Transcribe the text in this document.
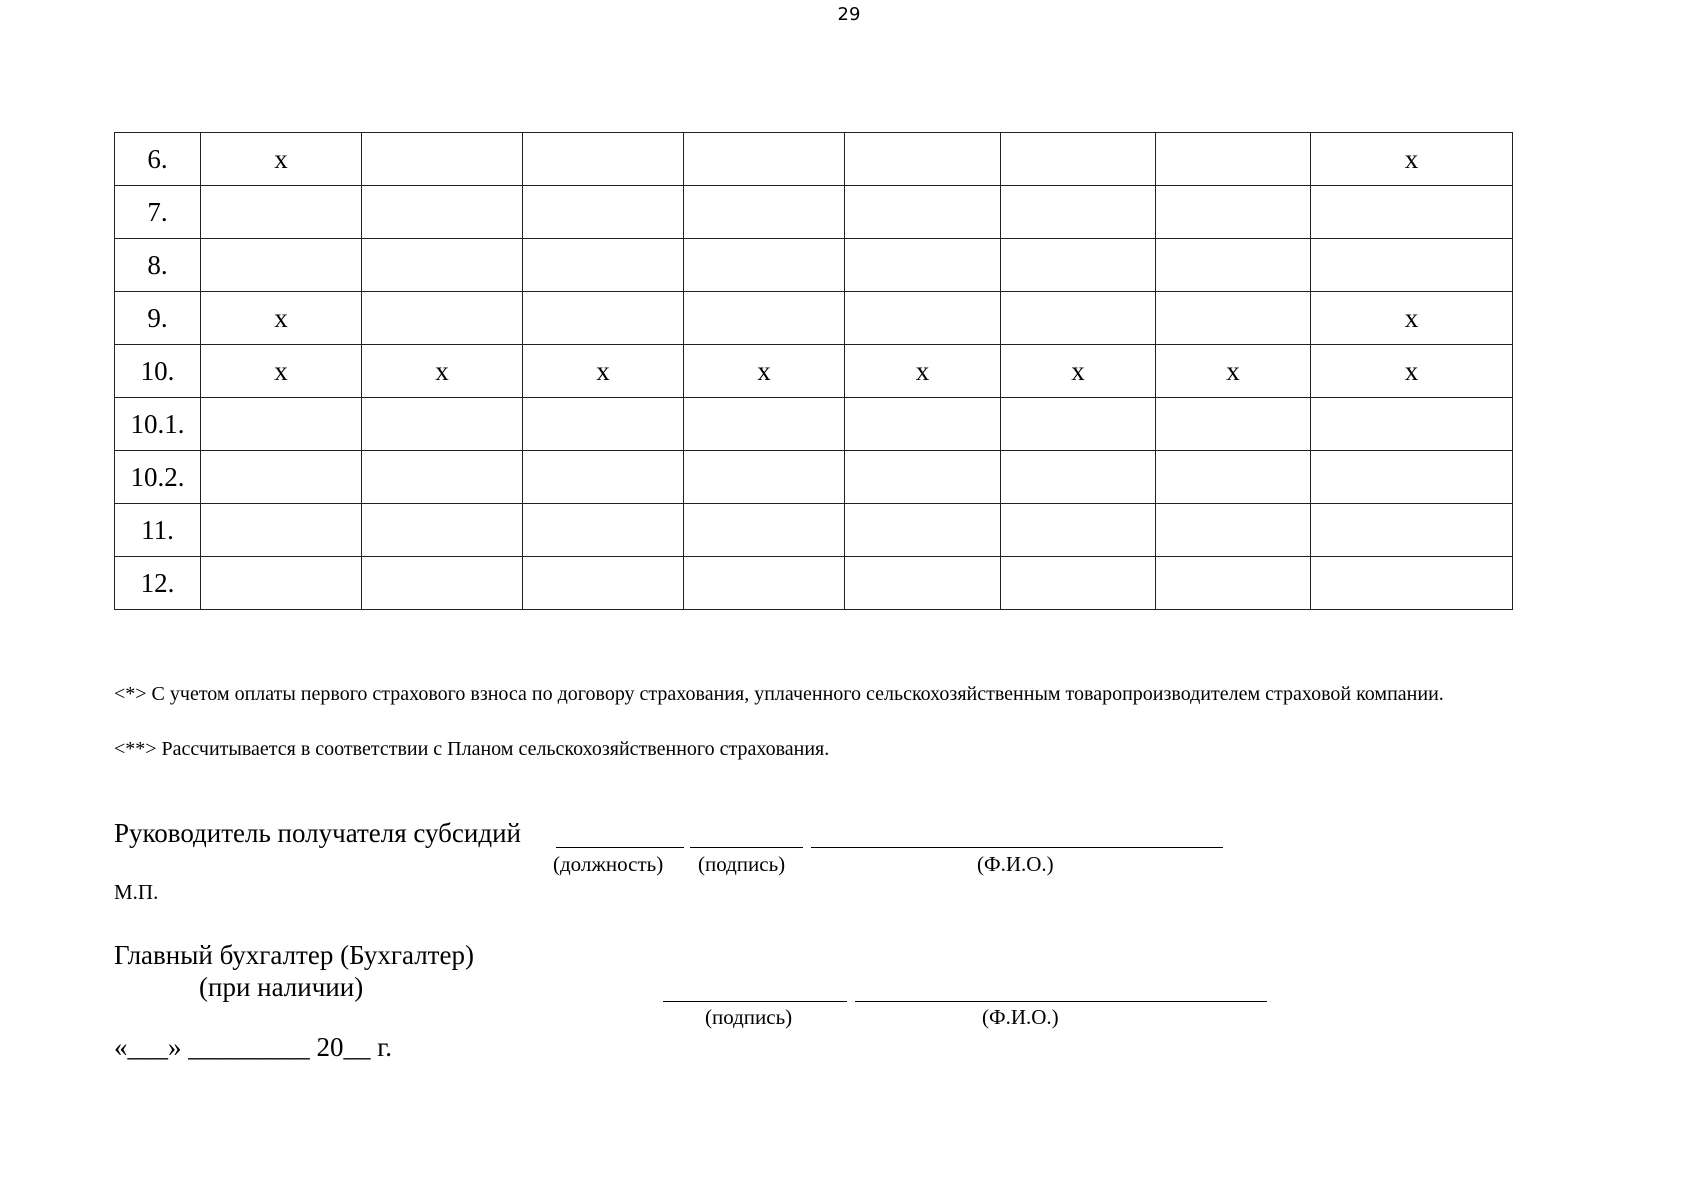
29
6.	x							x
7.								
8.								
9.	x							x
10.	x	x	x	x	x	x	x	x
10.1.								
10.2.								
11.								
12.								
<*> С учетом оплаты первого страхового взноса по договору страхования, уплаченного сельскохозяйственным товаропроизводителем страховой компании.
<**> Рассчитывается в соответствии с Планом сельскохозяйственного страхования.
Руководитель получателя субсидий
(должность) (подпись)	(Ф.И.О.)
М.П.
Главный бухгалтер (Бухгалтер)
(при наличии)
(подпись)	(Ф.И.О.)
«___» _________ 20__ г.
